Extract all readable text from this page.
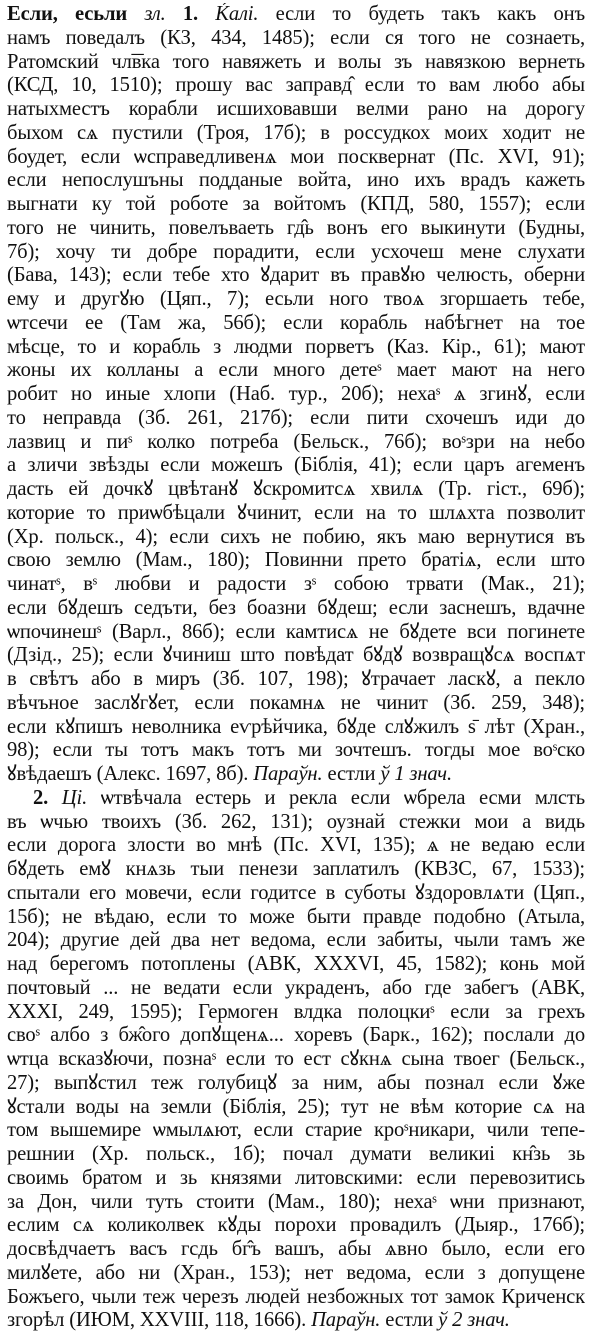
Если, есьли зл. 1. Ќалі. если то будеть такъ какъ онъ
намъ поведалъ (КЗ, 434, 1485); если ся того не сознаеть,
Ратомский чл͞вка того навяжеть и волы зъ навязкою вернеть
(КСД, 10, 1510); прошу вас заправд̂ если то вам любо абы
натыхместъ корабли исшиховавши велми рано на дорогу
быхом сѧ пустили (Троя, 17б); в россудкох моих ходит не
боудет, если ѡсправедливенѧ мои посквернат (Пс. XVI, 91);
если непослушъны подданые войта, ино ихъ врадъ кажеть
выгнати ку той роботе за войтомъ (КПД, 580, 1557); если
того не чинить, повелъваеть гд̂ь вонъ его выкинути (Будны,
7б); хочу ти добре порадити, если усхочеш мене слухати
(Бава, 143); если тебе хто ꙋдарит въ правꙋю челюсть, оберни
ему и другꙋю (Цяп., 7); есьли ного твоѧ згоршаеть тебе,
ѡтсечи ее (Там жа, 56б); если корабль набѣгнет на тое
мѣсце, то и корабль з людми порветъ (Каз. Кір., 61); мают
жоны их колланы а если много детеˢ мает мают на него
робит но иные хлопи (Наб. тур., 20б); нехаˢ ѧ згинꙋ, если
то неправда (Зб. 261, 217б); если пити схочешъ иди до
лазвиц и пиˢ колко потреба (Бельск., 76б); воˢзри на небо
а зличи звѣзды если можешъ (Біблія, 41); если царъ агеменъ
дасть ей дочкꙋ цвѣтанꙋ ꙋскромитсѧ хвилѧ (Тр. гіст., 69б);
которие то приѡбѣцали ꙋчинит, если на то шлѧхта позволит
(Хр. польск., 4); если сихъ не побию, якъ маю вернутися въ
свою землю (Мам., 180); Повинни прето братіѧ, если што
чинатˢ, вˢ любви и радости зˢ собою трвати (Мак., 21);
если бꙋдешъ седъти, без боазни бꙋдеш; если заснешъ, вдачне
ѡпочинешˢ (Варл., 86б); если камтисѧ не бꙋдете вси погинете
(Дзід., 25); если ꙋчиниш што повѣдат бꙋдꙋ возвращꙋсѧ воспѧт
в свѣтъ або в миръ (Зб. 107, 198); ꙋтрачает ласкꙋ, а пекло
вѣчъное заслꙋгꙋет, если покамнѧ не чинит (Зб. 259, 348);
если кꙋпишъ неволника еѵрѣйчика, бꙋде слꙋжилъ ѕ̄ лѣт (Хран.,
98); если ты тотъ макъ тотъ ми зочтешъ. тогды мое воˢско
ꙋвѣдаешъ (Алекс. 1697, 8б). Параўн. естли ў 1 знач.
2. Ці. ѡтвѣчала естерь и рекла если ѡбрела есми млсть
въ ѡчью твоихъ (Зб. 262, 131); оузнай стежки мои а видь
если дорога злости во мнѣ (Пс. XVI, 135); ѧ не ведаю если
бꙋдеть емꙋ кнѧзь тыи пенези заплатилъ (КВЗС, 67, 1533);
спытали его мовечи, если годитсе в суботы ꙋздоровлѧти (Цяп.,
15б); не вѣдаю, если то може быти правде подобно (Атыла,
204); другие дей два нет ведома, если забиты, чыли тамъ же
над берегомъ потоплены (АВК, XXXVI, 45, 1582); конь мой
почтовый ... не ведати если украденъ, або где забегъ (АВК,
XXXI, 249, 1595); Гермоген влдка полоцкиˢ если за грехъ
своˢ албо з бж̂ого допꙋщенѧ... хоревъ (Барк., 162); послали до
ѡтца всказꙋючи, познаˢ если то ест сꙋкнѧ сына твоег (Бельск.,
27); выпꙋстил теж голубицꙋ за ним, абы познал если ꙋже
ꙋстали воды на земли (Біблія, 25); тут не вѣм которие сѧ на
том вышемире ѡмылѧют, если старие кроˢникари, чили тепе-
решнии (Хр. польск., 1б); почал думати великиі кн̂зь зь
своимь братом и зь князями литовскими: если перевозитись
за Дон, чили туть стоити (Мам., 180); нехаˢ ѡни признают,
еслим сѧ коликолвек кꙋды порохи провадилъ (Дыяр., 176б);
досвѣдчаетъ васъ гсдь бг̂ъ вашъ, абы ѧвно было, если его
милꙋете, або ни (Хран., 153); нет ведома, если з допущене
Божъего, чыли теж черезъ людей незбожных тот замок Криченск
згорѣл (ИЮМ, XXVIII, 118, 1666). Параўн. естли ў 2 знач.
